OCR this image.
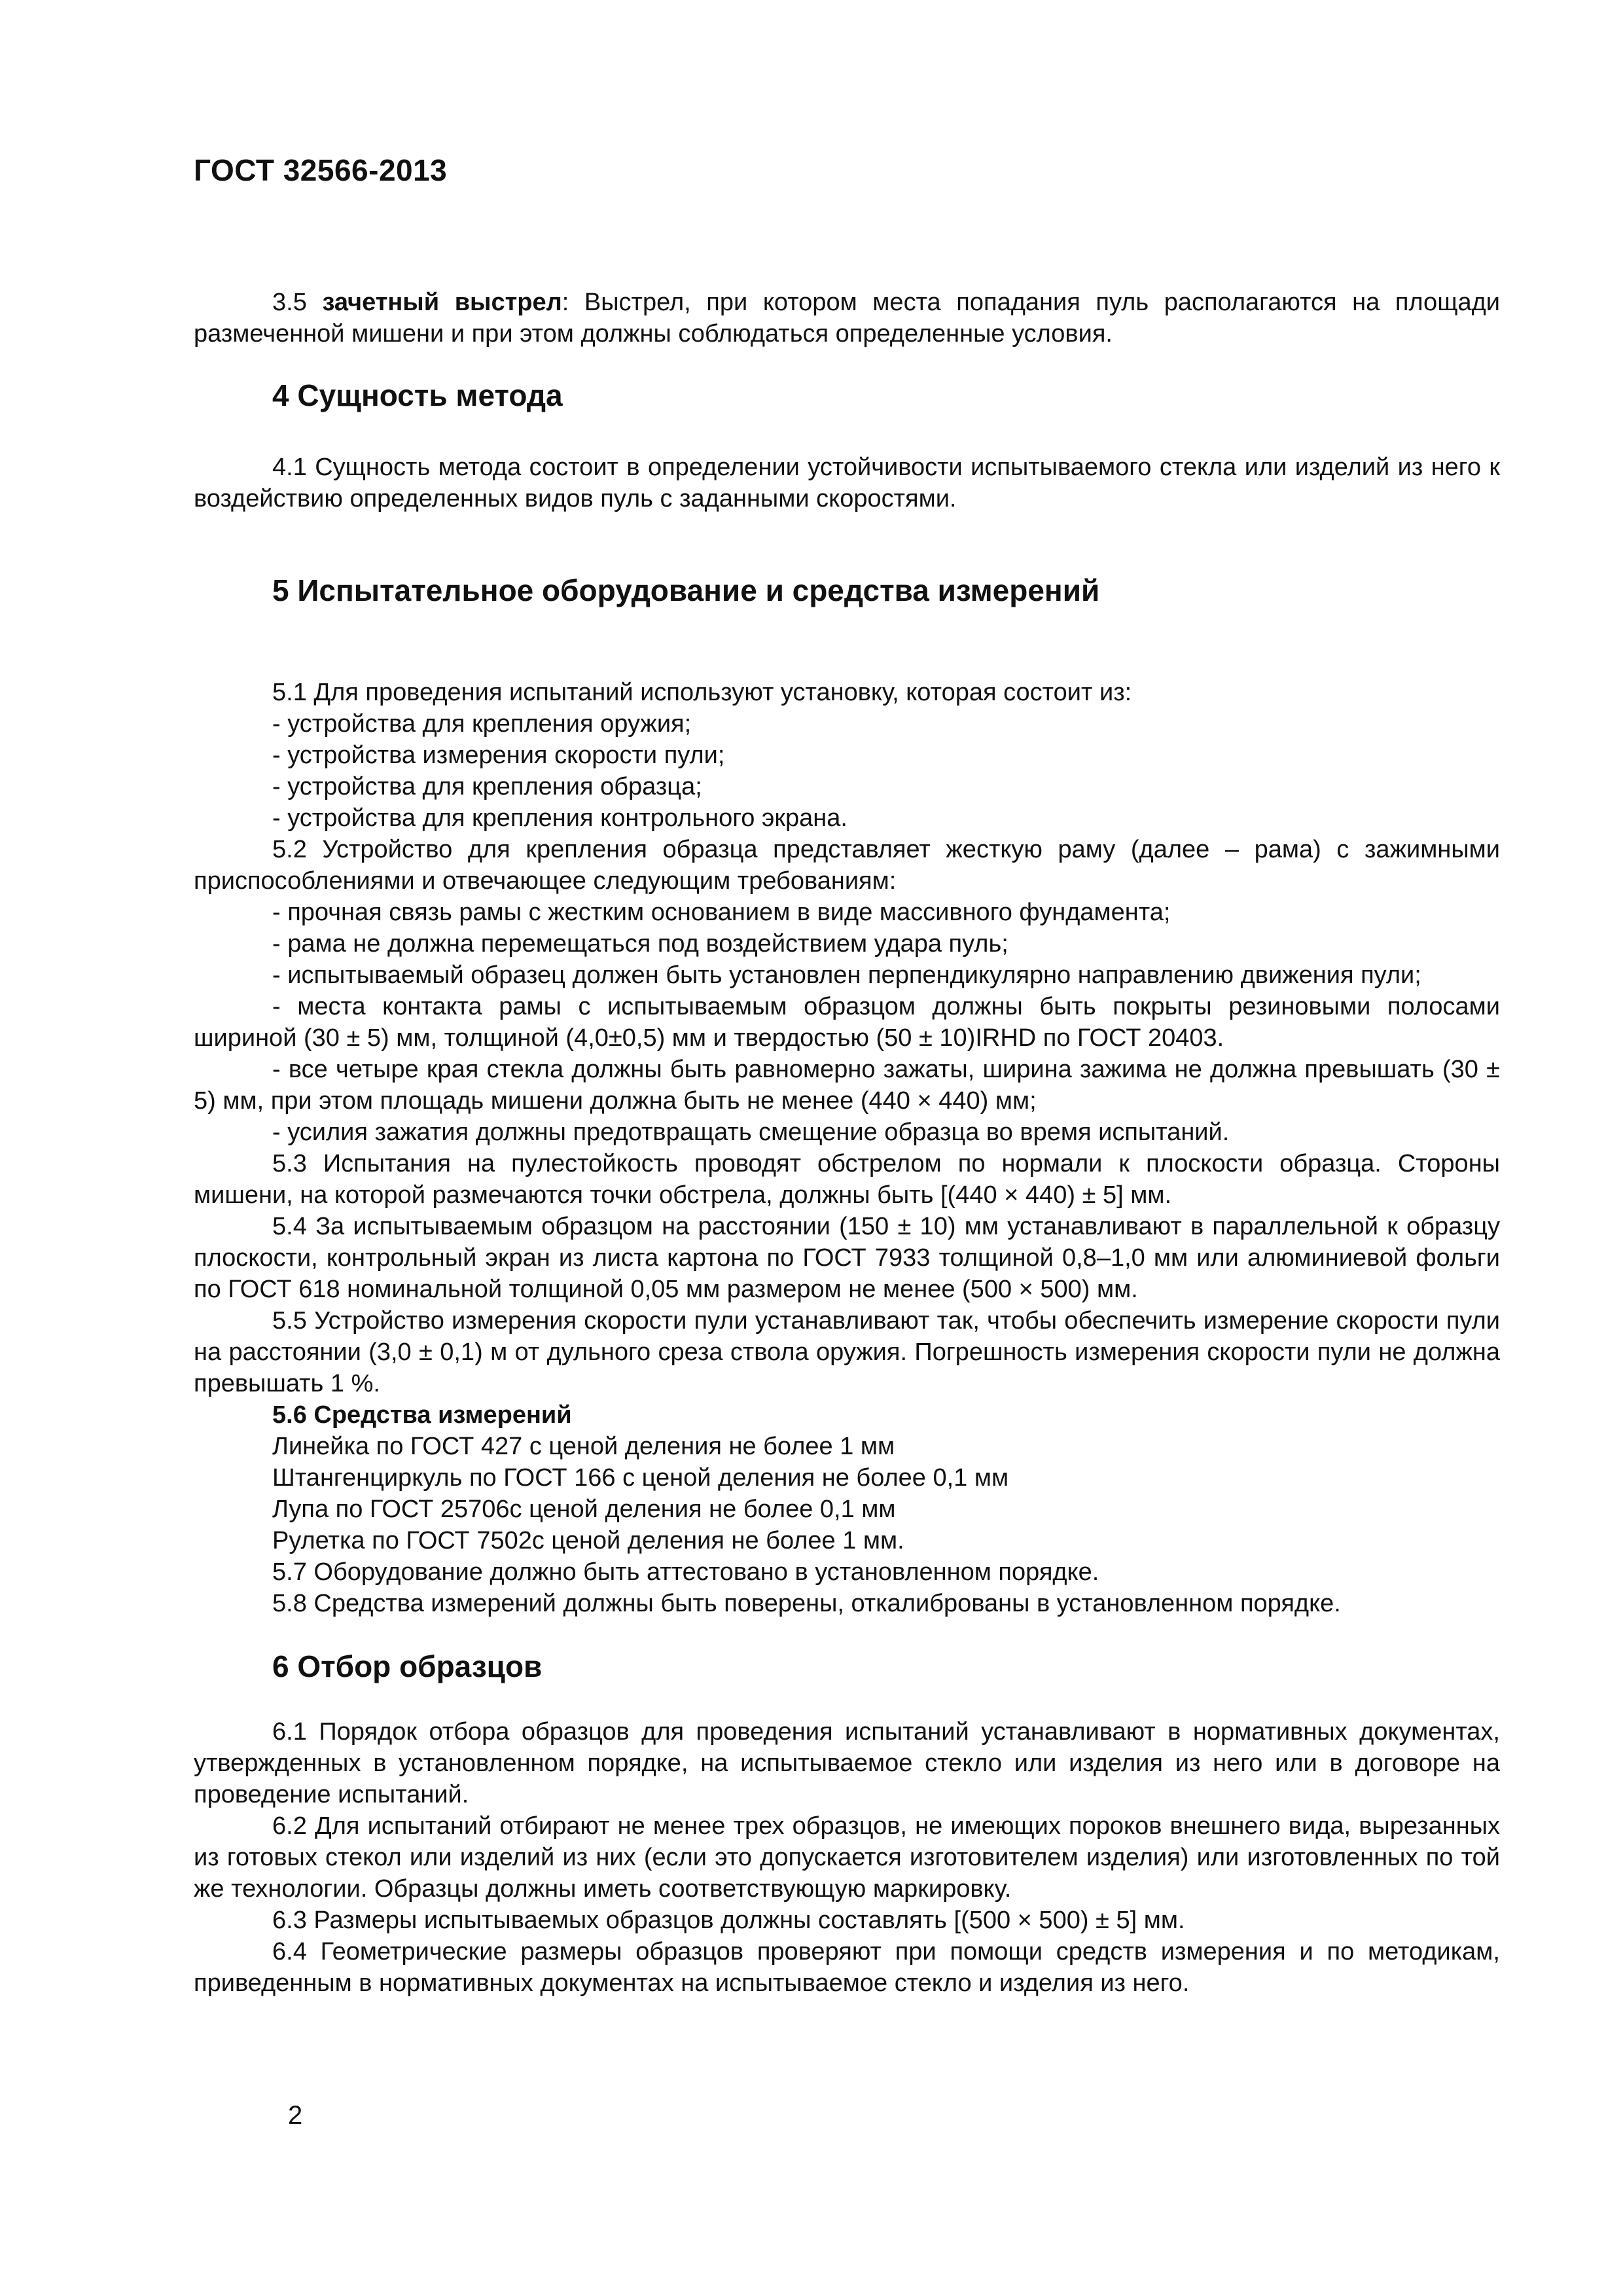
ГОСТ 32566-2013

3.5 зачетный выстрел: Выстрел, при котором места попадания пуль располагаются на площади размеченной мишени и при этом должны соблюдаться определенные условия.

4 Сущность метода

4.1 Сущность метода состоит в определении устойчивости испытываемого стекла или изделий из него к воздействию определенных видов пуль с заданными скоростями.

5 Испытательное оборудование и средства измерений

5.1 Для проведения испытаний используют установку, которая состоит из:

- устройства для крепления оружия;

- устройства измерения скорости пули;

- устройства для крепления образца;

- устройства для крепления контрольного экрана.

5.2 Устройство для крепления образца представляет жесткую раму (далее – рама) с зажимными приспособлениями и отвечающее следующим требованиям:

- прочная связь рамы с жестким основанием в виде массивного фундамента;

- рама не должна перемещаться под воздействием удара пуль;

- испытываемый образец должен быть установлен перпендикулярно направлению движения пули;

- места контакта рамы с испытываемым образцом должны быть покрыты резиновыми полосами шириной (30 ± 5) мм, толщиной (4,0±0,5) мм и твердостью (50 ± 10)IRHD по ГОСТ 20403.

- все четыре края стекла должны быть равномерно зажаты, ширина зажима не должна превышать (30 ± 5) мм, при этом площадь мишени должна быть не менее (440 × 440) мм;

- усилия зажатия должны предотвращать смещение образца во время испытаний.

5.3 Испытания на пулестойкость проводят обстрелом по нормали к плоскости образца. Стороны мишени, на которой размечаются точки обстрела, должны быть [(440 × 440) ± 5] мм.

5.4 За испытываемым образцом на расстоянии (150 ± 10) мм устанавливают в параллельной к образцу плоскости, контрольный экран из листа картона по ГОСТ 7933 толщиной 0,8–1,0 мм или алюминиевой фольги по ГОСТ 618 номинальной толщиной 0,05 мм размером не менее (500 × 500) мм.

5.5 Устройство измерения скорости пули устанавливают так, чтобы обеспечить измерение скорости пули на расстоянии (3,0 ± 0,1) м от дульного среза ствола оружия. Погрешность измерения скорости пули не должна превышать 1 %.

5.6 Средства измерений

Линейка по ГОСТ 427 с ценой деления не более 1 мм

Штангенциркуль по ГОСТ 166 с ценой деления не более 0,1 мм

Лупа по ГОСТ 25706с ценой деления не более 0,1 мм

Рулетка по ГОСТ 7502с ценой деления не более 1 мм.

5.7 Оборудование должно быть аттестовано в установленном порядке.

5.8 Средства измерений должны быть поверены, откалиброваны в установленном порядке.

6 Отбор образцов

6.1 Порядок отбора образцов для проведения испытаний устанавливают в нормативных документах, утвержденных в установленном порядке, на испытываемое стекло или изделия из него или в договоре на проведение испытаний.

6.2 Для испытаний отбирают не менее трех образцов, не имеющих пороков внешнего вида, вырезанных из готовых стекол или изделий из них (если это допускается изготовителем изделия) или изготовленных по той же технологии. Образцы должны иметь соответствующую маркировку.

6.3 Размеры испытываемых образцов должны составлять [(500 × 500) ± 5] мм.

6.4 Геометрические размеры образцов проверяют при помощи средств измерения и по методикам, приведенным в нормативных документах на испытываемое стекло и изделия из него.

2
